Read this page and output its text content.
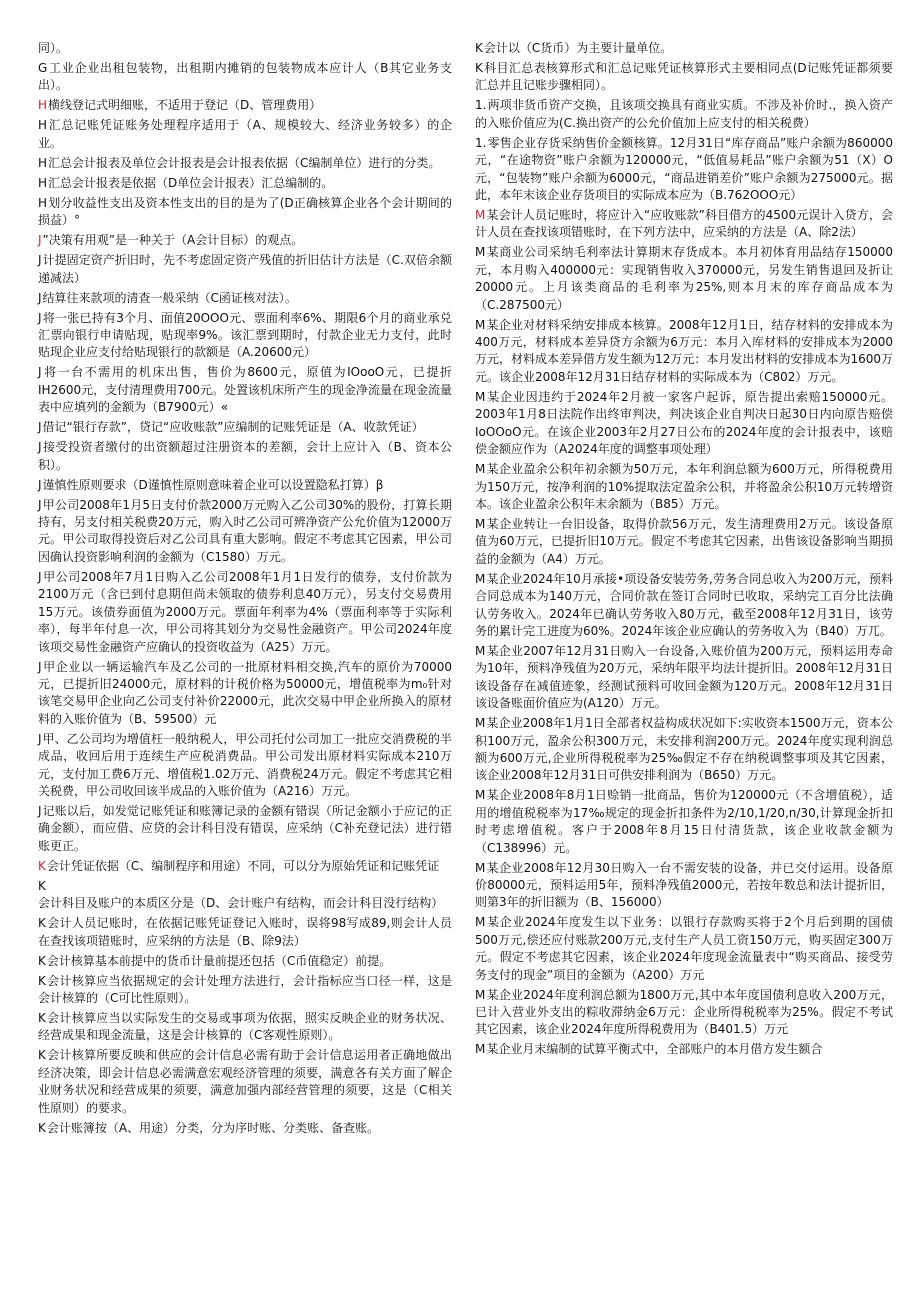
同）。

G工业企业出租包装物，出租期内摊销的包装物成本应计人（B其它业务支出）。

H横线登记式明细账，不适用于登记（D、管理费用）

H汇总记账凭证账务处理程序适用于（A、规模较大、经济业务较多）的企业。

H汇总会计报表及单位会计报表是会计报表依据（C编制单位）进行的分类。

H汇总会计报表是依据（D单位会计报表）汇总编制的。

H划分收益性支出及资本性支出的目的是为了(D正确核算企业各个会计期间的损益）°

J”决策有用观”是一种关于（A会计目标）的观点。

J计提固定资产折旧时，先不考虑固定资产残值的折旧估计方法是（C.双倍余额递减法）

J结算往来款项的清查一般采纳（C函证核对法）。

J将一张已持有3个月、面值20OOO元、票面利率6%、期限6个月的商业承兑汇票向银行申请贴现，贴现率9%。该汇票到期时，付款企业无力支付，此时贴现企业应支付给贴现银行的款额是（A.20600元）

J将一台不需用的机床出售，售价为8600元，原值为IOooO元，已提折IH2600元，支付清理费用700元。处置该机床所产生的现金净流量在现金流量表中应填列的金额为（B7900元）«

J借记“银行存款”，贷记“应收账款”应编制的记账凭证是（A、收款凭证）

J接受投资者缴付的出资额超过注册资本的差额，会计上应计入（B、资本公积）。

J谨慎性原则要求（D谨慎性原则意味着企业可以设置隐私打算）β

J甲公司2008年1月5日支付价款2000万元购入乙公司30%的股份，打算长期持有，另支付相关税费20万元，购入时乙公司可辨净资产公允价值为12000万元。甲公司取得投资后对乙公司具有重大影响。假定不考虑其它因素，甲公司因确认投资影响利润的金额为（C1580）万元。

J甲公司2008年7月1日购入乙公司2008年1月1日发行的债券，支付价款为2100万元（含已到付息期但尚未领取的债券利息40万元），另支付交易费用15万元。该债券面值为2000万元。票面年利率为4%（票面利率等于实际利率），每半年付息一次，甲公司将其划分为交易性金融资产。甲公司2024年度该项交易性金融资产应确认的投资收益为（A25）万元。

J甲企业以一辆运输汽车及乙公司的一批原材料相交换,汽车的原价为70000元，已提折旧24000元，原材料的计税价格为50000元，增值税率为m₀针对该笔交易甲企业向乙公司支付补价22000元，此次交易中甲企业所换入的原材料的入账价值为（B、59500）元

J甲、乙公司均为增值枉一般纳税人，甲公司托付公司加工一批应交消费税的半成品，收回后用于连续生产应税消费品。甲公司发出原材料实际成本210万元，支付加工费6万元、增值税1.02万元、消费税24万元。假定不考虑其它相关税费，甲公司收回该半成品的入账价值为（A216）万元。

J记账以后，如发觉记账凭证和账簿记录的金额有错误（所记金额小于应记的正确金额），而应借、应贷的会计科目没有错误，应采纳（C补充登记法）进行错账更正。

K会计凭证依据（C、编制程序和用途）不同，可以分为原始凭证和记账凭证

K会计科目及账户的本质区分是（D、会计账户有结构，而会计科目没行结构）

K会计人员记账时，在依据记账凭证登记入账时，误将98写成89,则会计人员在查找该项错账时，应采纳的方法是（B、除9法）

K会计核算基本前提中的货币计量前提还包括（C币值稳定）前提。

K会计核算应当依据规定的会计处理方法进行，会计指标应当口径一样，这是会计核算的（C可比性原则）。

K会计核算应当以实际发生的交易或事项为依据，照实反映企业的财务状况、经营成果和现金流量，这是会计核算的（C客观性原则）。

K会计核算所要反映和供应的会计信息必需有助于会计信息运用者正确地做出经济决策，即会计信息必需满意宏观经济管理的须要，满意各有关方面了解企业财务状况和经营成果的须要，满意加强内部经营管理的须要，这是（C相关性原则）的要求。

K会计账簿按（A、用途）分类，分为序时账、分类账、备查账。

K会计以（C货币）为主要计量单位。

K科目汇总表核算形式和汇总记账凭证核算形式主要相同点(D记账凭证都须要汇总并且记账步骤相同）。

1.两项非货币资产交换，且该项交换具有商业实质。不涉及补价时.，换入资产的入账价值应为(C.换出资产的公允价值加上应支付的相关税费）

1.零售企业存货采纳售价金额核算。12月31日“库存商品”账户余额为860000元，“在途物资”账户余额为120000元，“低值易耗品”账户余额为51（X）O元，“包装物”账户余额为6000元，“商品进销差价”账户余额为275000元。据此，本年末该企业存货项目的实际成本应为（B.762OOO元）

M某会计人员记账时，将应计入“应收账款”科目借方的4500元误计入贷方，会计人员在查找该项错账时，在下列方法中，应采纳的方法是（A、除2法）

M某商业公司采纳毛利率法计算期末存货成本。本月初体育用品结存150000元，本月购入400000元：实现销售收入370000元，另发生销售退回及折让20000元。上月该类商品的毛利率为25%,则本月末的库存商品成本为（C.287500元）

M某企业对材料采纳安排成本核算。2008年12月1日，结存材料的安排成本为400万元，材料成本差异贷方余额为6万元：本月入库材料的安排成本为2000万元，材料成本差异借方发生额为12万元：本月发出材料的安排成本为1600万元。该企业2008年12月31日结存材料的实际成本为（C802）万元。

M某企业因违约于2024年2月被一家客户起诉，原告提出索赔150000元。2003年1月8日法院作出终审判决，判决该企业自判决日起30日内向原告赔偿IoOOoO元。在该企业2003年2月27日公布的2024年度的会计报表中，该赔偿金额应作为（A2024年度的调整事项处理）

M某企业盈余公积年初余额为50万元，本年利润总额为600万元，所得税费用为150万元，按净利润的10%提取法定盈余公积，并将盈余公积10万元转增资本。该企业盈余公积年末余额为（B85）万元。

M某企业转让一台旧设备，取得价款56万元，发生清理费用2万元。该设备原值为60万元，已提折旧10万元。假定不考虑其它因素，出售该设备影响当期损益的金额为（A4）万元。

M某企业2024年10月承接•项设备安装劳务,劳务合同总收入为200万元，预料合同总成本为140万元，合同价款在签订合同时已收取，采纳完工百分比法确认劳务收入。2024年已确认劳务收入80万元，截至2008年12月31日，该劳务的累计完工进度为60%。2024年该企业应确认的劳务收入为（B40）万兀。

M某企业2007年12月31日购入一台设备,入账价值为200万元，预料运用寿命为10年，预料净残值为20万元，采纳年限平均法计提折旧。2008年12月31日该设备存在减值迹象，经测试预料可收回金额为120万元。2008年12月31日该设备账面价值应为(A120）万元。

M某企业2008年1月1日全部者权益构成状况如下:实收资本1500万元，资本公积100万元，盈余公积300万元，未安排利润200万元。2024年度实现利润总额为600万元,企业所得税税率为25‰假定不存在纳税调整事项及其它因素，该企业2008年12月31日可供安排利润为（B650）万元。

M某企业2008年8月1日赊销一批商品，售价为120000元（不含增值税），适用的增值税税率为17‰规定的现金折扣条件为2/10,1/20,n/30,计算现金折扣时考虑增值税。客户于2008年8月15日付清货款，该企业收款金额为（C138996）元。

M某企业2008年12月30日购入一台不需安装的设备，并已交付运用。设备原价80000元，预料运用5年，预料净残值2000元，若按年数总和法计提折旧，则第3年的折旧额为（B、156000）

M某企业2024年度发生以下业务：以银行存款购买将于2个月后到期的国债500万元,偿还应付账款200万元,支付生产人员工资150万元，购买固定300万元。假定不考虑其它因素，该企业2024年度现金流量表中“购买商品、接受劳务支付的现金”项目的金额为（A200）万元

M某企业2024年度利润总额为1800万元,其中本年度国债利息收入200万元，已计入营业外支出的粽收滞纳金6万元：企业所得税税率为25%。假定不考试其它因素，该企业2024年度所得税费用为（B401.5）万元

M某企业月末编制的试算平衡式中，全部账户的本月借方发生额合
